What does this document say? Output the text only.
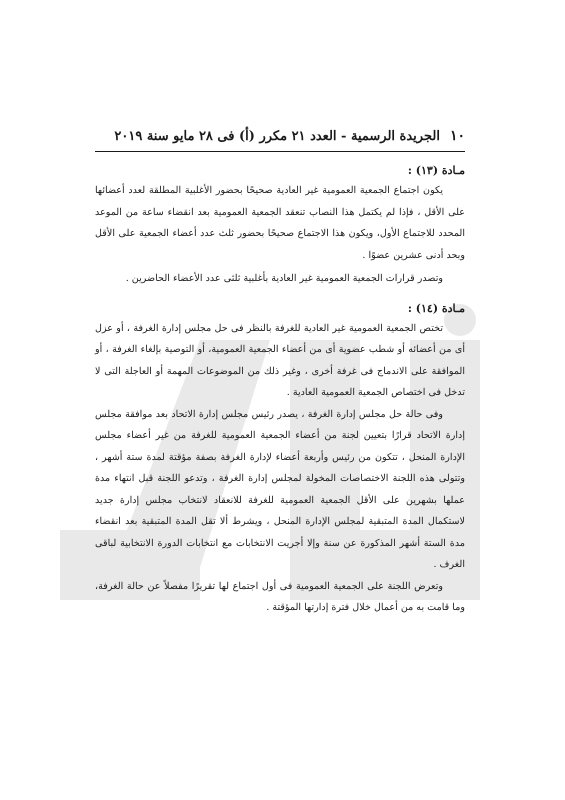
١٠
الجريدة الرسمية - العدد ٢١ مكرر (أ) فى ٢٨ مايو سنة ٢٠١٩
مـادة (١٣) :

يكون اجتماع الجمعية العمومية غير العادية صحيحًا بحضور الأغلبية المطلقة لعدد أعضائها على الأقل ، فإذا لم يكتمل هذا النصاب تنعقد الجمعية العمومية بعد انقضاء ساعة من الموعد المحدد للاجتماع الأول، ويكون هذا الاجتماع صحيحًا بحضور ثلث عدد أعضاء الجمعية على الأقل وبحد أدنى عشرين عضوًا .

وتصدر قرارات الجمعية العمومية غير العادية بأغلبية ثلثى عدد الأعضاء الحاضرين .

مـادة (١٤) :

تختص الجمعية العمومية غير العادية للغرفة بالنظر فى حل مجلس إدارة الغرفة ، أو عزل أى من أعضائه أو شطب عضوية أى من أعضاء الجمعية العمومية، أو التوصية بإلغاء الغرفة ، أو الموافقة على الاندماج فى غرفة أخرى ، وغير ذلك من الموضوعات المهمة أو العاجلة التى لا تدخل فى اختصاص الجمعية العمومية العادية .

وفى حالة حل مجلس إدارة الغرفة ، يصدر رئيس مجلس إدارة الاتحاد بعد موافقة مجلس إدارة الاتحاد قرارًا بتعيين لجنة من أعضاء الجمعية العمومية للغرفة من غير أعضاء مجلس الإدارة المنحل ، تتكون من رئيس وأربعة أعضاء لإدارة الغرفة بصفة مؤقتة لمدة ستة أشهر ، وتتولى هذه اللجنة الاختصاصات المخولة لمجلس إدارة الغرفة ، وتدعو اللجنة قبل انتهاء مدة عملها بشهرين على الأقل الجمعية العمومية للغرفة للانعقاد لانتخاب مجلس إدارة جديد لاستكمال المدة المتبقية لمجلس الإدارة المنحل ، ويشرط ألا تقل المدة المتبقية بعد انقضاء مدة الستة أشهر المذكورة عن سنة وإلا أجريت الانتخابات مع انتخابات الدورة الانتخابية لباقى الغرف .

وتعرض اللجنة على الجمعية العمومية فى أول اجتماع لها تقريرًا مفصلاً عن حالة الغرفة، وما قامت به من أعمال خلال فترة إدارتها المؤقتة .
